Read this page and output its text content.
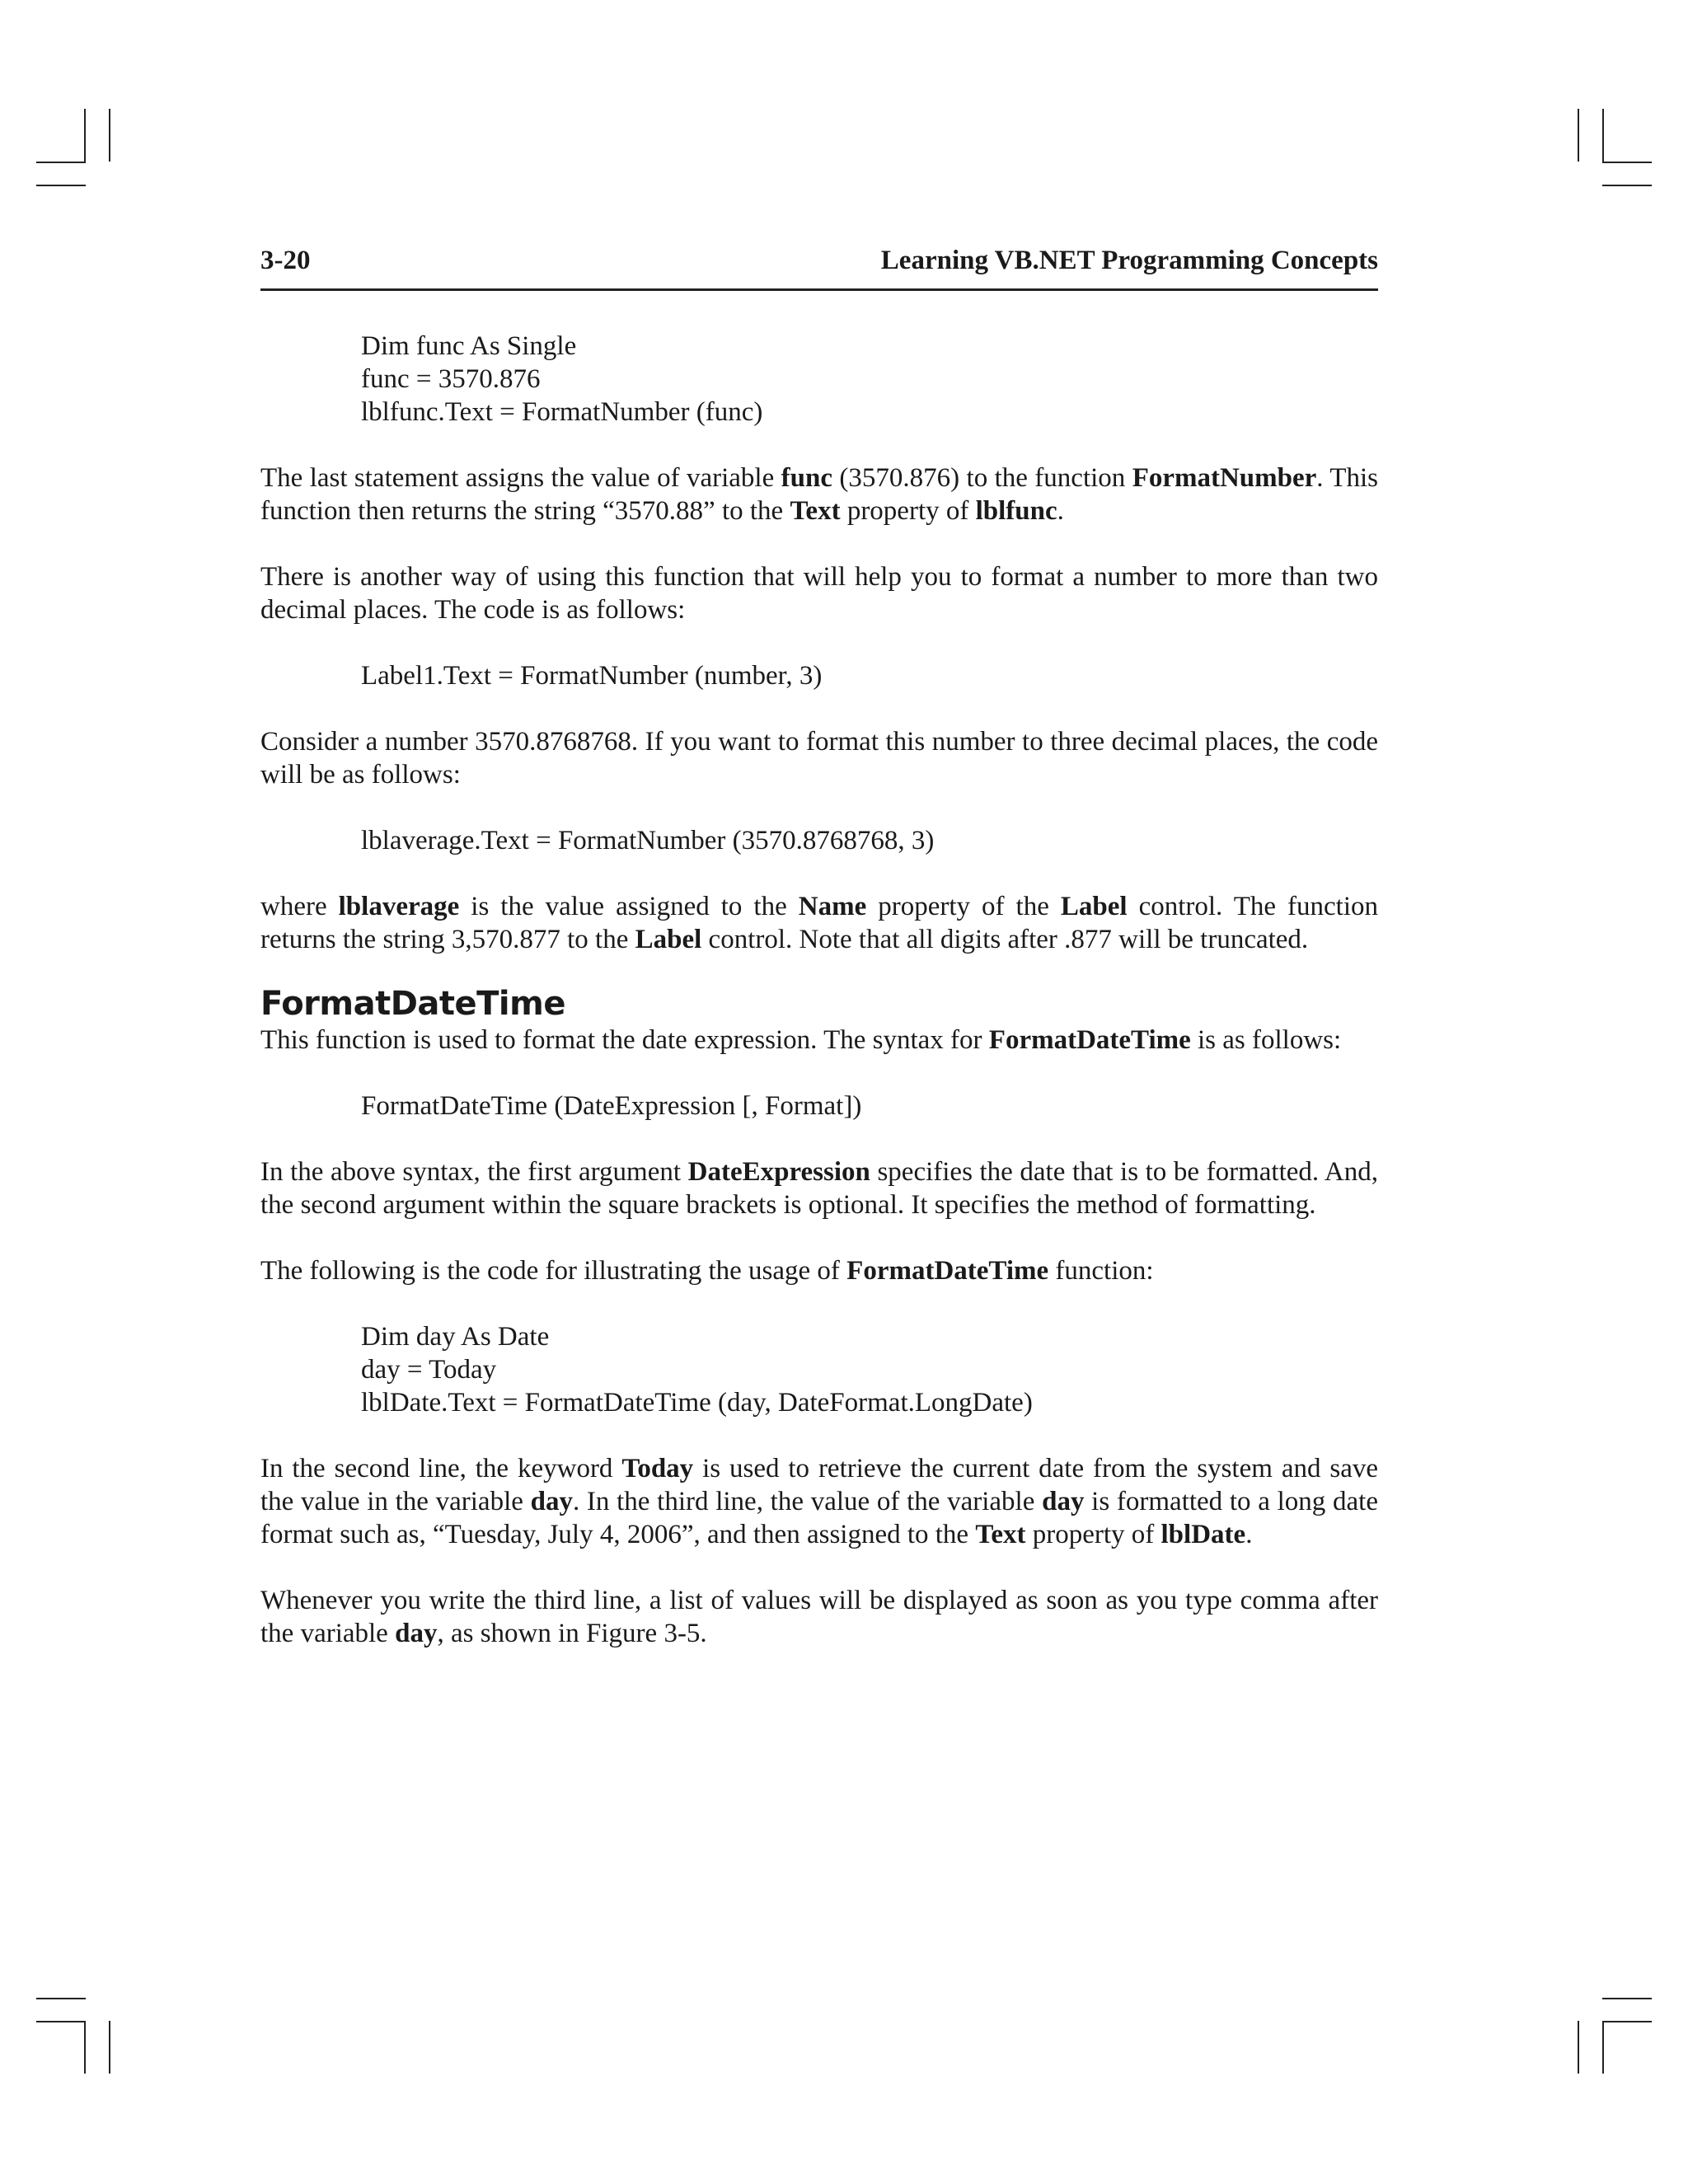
3-20	Learning VB.NET Programming Concepts
Dim func As Single
func = 3570.876
lblfunc.Text = FormatNumber (func)

The last statement assigns the value of variable func (3570.876) to the function FormatNumber. This function then returns the string “3570.88” to the Text property of lblfunc.

There is another way of using this function that will help you to format a number to more than two decimal places. The code is as follows:

Label1.Text = FormatNumber (number, 3)

Consider a number 3570.8768768. If you want to format this number to three decimal places, the code will be as follows:

lblaverage.Text = FormatNumber (3570.8768768, 3)

where lblaverage is the value assigned to the Name property of the Label control. The function returns the string 3,570.877 to the Label control. Note that all digits after .877 will be truncated.

FormatDateTime

This function is used to format the date expression. The syntax for FormatDateTime is as follows:

FormatDateTime (DateExpression [, Format])

In the above syntax, the first argument DateExpression specifies the date that is to be formatted. And, the second argument within the square brackets is optional. It specifies the method of formatting.

The following is the code for illustrating the usage of FormatDateTime function:

Dim day As Date
day = Today
lblDate.Text = FormatDateTime (day, DateFormat.LongDate)

In the second line, the keyword Today is used to retrieve the current date from the system and save the value in the variable day. In the third line, the value of the variable day is formatted to a long date format such as, “Tuesday, July 4, 2006”, and then assigned to the Text property of lblDate.

Whenever you write the third line, a list of values will be displayed as soon as you type comma after the variable day, as shown in Figure 3-5.
